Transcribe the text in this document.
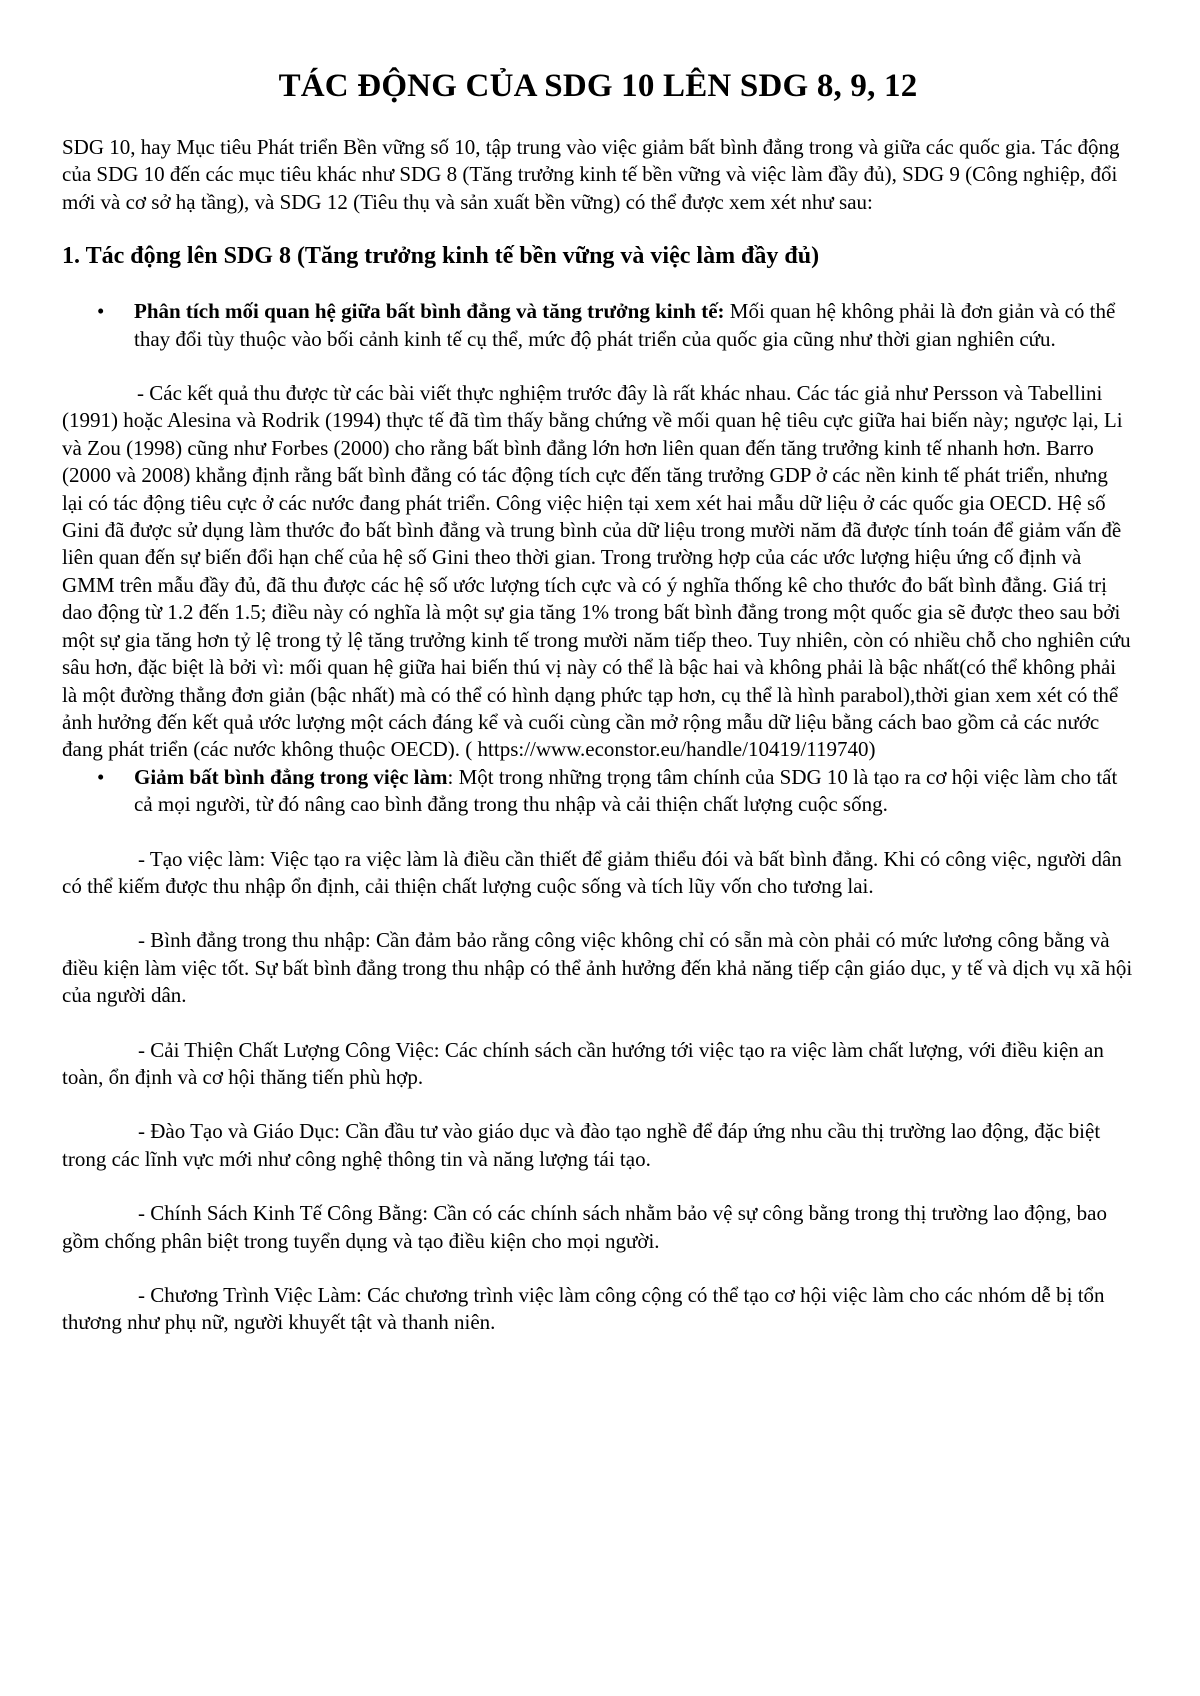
TÁC ĐỘNG CỦA SDG 10 LÊN SDG 8, 9, 12

SDG 10, hay Mục tiêu Phát triển Bền vững số 10, tập trung vào việc giảm bất bình đẳng trong và giữa các quốc gia. Tác động của SDG 10 đến các mục tiêu khác như SDG 8 (Tăng trưởng kinh tế bền vững và việc làm đầy đủ), SDG 9 (Công nghiệp, đổi mới và cơ sở hạ tầng), và SDG 12 (Tiêu thụ và sản xuất bền vững) có thể được xem xét như sau:

1. Tác động lên SDG 8 (Tăng trưởng kinh tế bền vững và việc làm đầy đủ)
• Phân tích mối quan hệ giữa bất bình đẳng và tăng trưởng kinh tế: Mối quan hệ không phải là đơn giản và có thể thay đổi tùy thuộc vào bối cảnh kinh tế cụ thể, mức độ phát triển của quốc gia cũng như thời gian nghiên cứu.

- Các kết quả thu được từ các bài viết thực nghiệm trước đây là rất khác nhau. Các tác giả như Persson và Tabellini (1991) hoặc Alesina và Rodrik (1994) thực tế đã tìm thấy bằng chứng về mối quan hệ tiêu cực giữa hai biến này; ngược lại, Li và Zou (1998) cũng như Forbes (2000) cho rằng bất bình đẳng lớn hơn liên quan đến tăng trưởng kinh tế nhanh hơn. Barro (2000 và 2008) khẳng định rằng bất bình đẳng có tác động tích cực đến tăng trưởng GDP ở các nền kinh tế phát triển, nhưng lại có tác động tiêu cực ở các nước đang phát triển. Công việc hiện tại xem xét hai mẫu dữ liệu ở các quốc gia OECD. Hệ số Gini đã được sử dụng làm thước đo bất bình đẳng và trung bình của dữ liệu trong mười năm đã được tính toán để giảm vấn đề liên quan đến sự biến đổi hạn chế của hệ số Gini theo thời gian. Trong trường hợp của các ước lượng hiệu ứng cố định và GMM trên mẫu đầy đủ, đã thu được các hệ số ước lượng tích cực và có ý nghĩa thống kê cho thước đo bất bình đẳng. Giá trị dao động từ 1.2 đến 1.5; điều này có nghĩa là một sự gia tăng 1% trong bất bình đẳng trong một quốc gia sẽ được theo sau bởi một sự gia tăng hơn tỷ lệ trong tỷ lệ tăng trưởng kinh tế trong mười năm tiếp theo. Tuy nhiên, còn có nhiều chỗ cho nghiên cứu sâu hơn, đặc biệt là bởi vì: mối quan hệ giữa hai biến thú vị này có thể là bậc hai và không phải là bậc nhất(có thể không phải là một đường thẳng đơn giản (bậc nhất) mà có thể có hình dạng phức tạp hơn, cụ thể là hình parabol),thời gian xem xét có thể ảnh hưởng đến kết quả ước lượng một cách đáng kể và cuối cùng cần mở rộng mẫu dữ liệu bằng cách bao gồm cả các nước đang phát triển (các nước không thuộc OECD). ( https://www.econstor.eu/handle/10419/119740)

• Giảm bất bình đẳng trong việc làm: Một trong những trọng tâm chính của SDG 10 là tạo ra cơ hội việc làm cho tất cả mọi người, từ đó nâng cao bình đẳng trong thu nhập và cải thiện chất lượng cuộc sống.

- Tạo việc làm: Việc tạo ra việc làm là điều cần thiết để giảm thiểu đói và bất bình đẳng. Khi có công việc, người dân có thể kiếm được thu nhập ổn định, cải thiện chất lượng cuộc sống và tích lũy vốn cho tương lai.

- Bình đẳng trong thu nhập: Cần đảm bảo rằng công việc không chỉ có sẵn mà còn phải có mức lương công bằng và điều kiện làm việc tốt. Sự bất bình đẳng trong thu nhập có thể ảnh hưởng đến khả năng tiếp cận giáo dục, y tế và dịch vụ xã hội của người dân.

- Cải Thiện Chất Lượng Công Việc: Các chính sách cần hướng tới việc tạo ra việc làm chất lượng, với điều kiện an toàn, ổn định và cơ hội thăng tiến phù hợp.

- Đào Tạo và Giáo Dục: Cần đầu tư vào giáo dục và đào tạo nghề để đáp ứng nhu cầu thị trường lao động, đặc biệt trong các lĩnh vực mới như công nghệ thông tin và năng lượng tái tạo.

- Chính Sách Kinh Tế Công Bằng: Cần có các chính sách nhằm bảo vệ sự công bằng trong thị trường lao động, bao gồm chống phân biệt trong tuyển dụng và tạo điều kiện cho mọi người.

- Chương Trình Việc Làm: Các chương trình việc làm công cộng có thể tạo cơ hội việc làm cho các nhóm dễ bị tổn thương như phụ nữ, người khuyết tật và thanh niên.
